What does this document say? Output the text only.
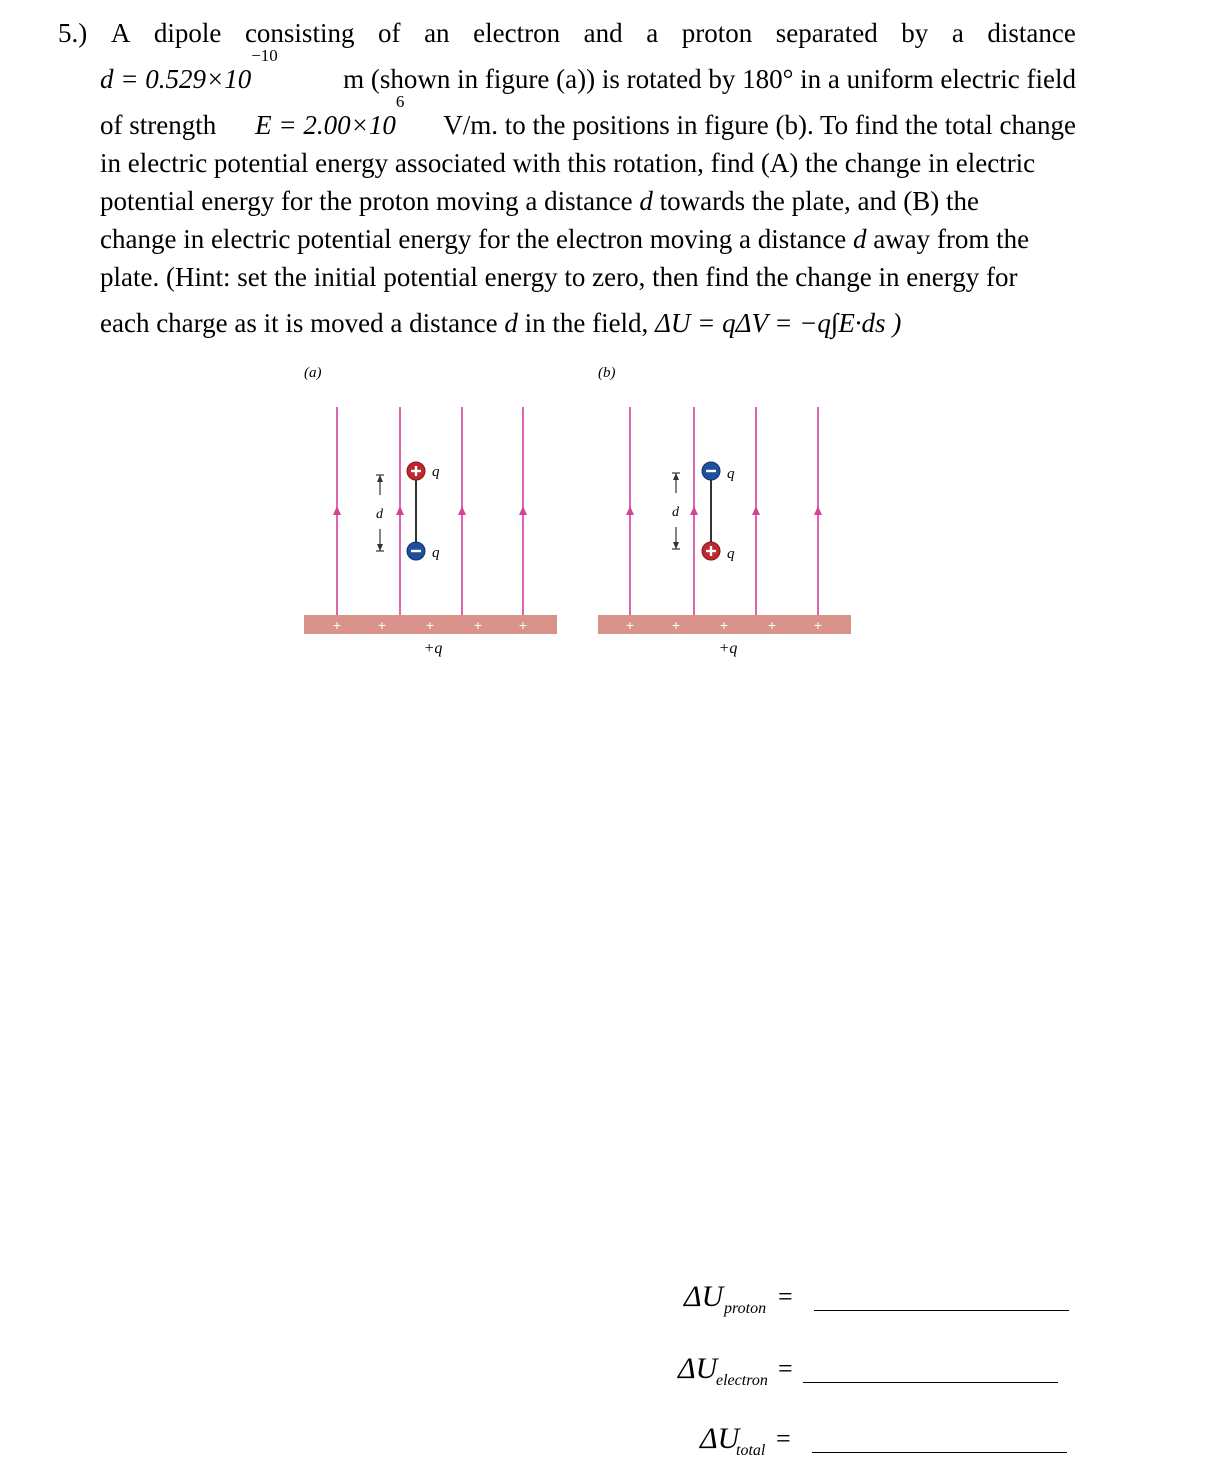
5.) A dipole consisting of an electron and a proton separated by a distance
$d = 0.529\times 10^{-10}$
m (shown in figure (a)) is rotated by 180° in a uniform electric field
of strength $E = 2.00\times 10^6$
V/m. to the positions in figure (b). To find the total change
in electric potential energy associated with this rotation, find (A) the change in electric
potential energy for the proton moving a distance
d
towards the plate, and (B) the
change in electric potential energy for the electron moving a distance
d
away from the
plate. (Hint: set the initial potential energy to zero, then find the change in energy for
each charge as it is moved a distance
d
in the field,
ΔU = qΔV = −q∫E·ds )
(a)	(b)
d
q
q
+	+	+	+	+
+q
d
q
q
+	+	+	+	+
+q
ΔU proton =
ΔU
electron =
ΔU
total =
